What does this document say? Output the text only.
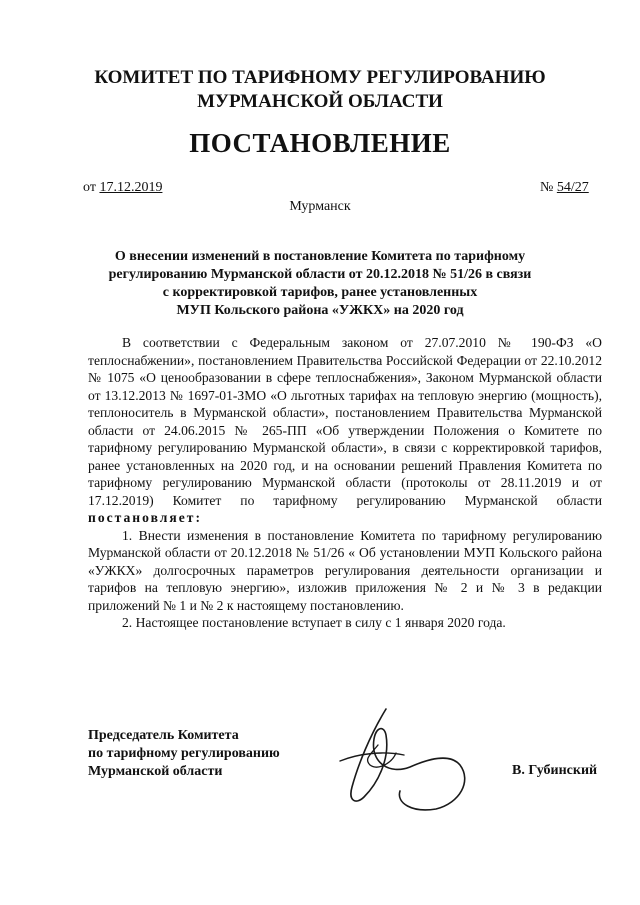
КОМИТЕТ ПО ТАРИФНОМУ РЕГУЛИРОВАНИЮ
МУРМАНСКОЙ ОБЛАСТИ
ПОСТАНОВЛЕНИЕ
от 17.12.2019	№ 54/27
Мурманск
О внесении изменений в постановление Комитета по тарифному
регулированию Мурманской области от 20.12.2018 № 51/26 в связи
с корректировкой тарифов, ранее установленных
МУП Кольского района «УЖКХ» на 2020 год

В соответствии с Федеральным законом от 27.07.2010 № 190-ФЗ «О теплоснабжении», постановлением Правительства Российской Федерации от 22.10.2012 № 1075 «О ценообразовании в сфере теплоснабжения», Законом Мурманской области от 13.12.2013 № 1697-01-ЗМО «О льготных тарифах на тепловую энергию (мощность), теплоноситель в Мурманской области», постановлением Правительства Мурманской области от 24.06.2015 № 265-ПП «Об утверждении Положения о Комитете по тарифному регулированию Мурманской области», в связи с корректировкой тарифов, ранее установленных на 2020 год, и на основании решений Правления Комитета по тарифному регулированию Мурманской области (протоколы от 28.11.2019 и от 17.12.2019) Комитет по тарифному регулированию Мурманской области

постановляет:

1. Внести изменения в постановление Комитета по тарифному регулированию Мурманской области от 20.12.2018 № 51/26 « Об установлении МУП Кольского района «УЖКХ» долгосрочных параметров регулирования деятельности организации и тарифов на тепловую энергию», изложив приложения № 2 и № 3 в редакции приложений № 1 и № 2 к настоящему постановлению.

2. Настоящее постановление вступает в силу с 1 января 2020 года.

Председатель Комитета
по тарифному регулированию
Мурманской области	В. Губинский
